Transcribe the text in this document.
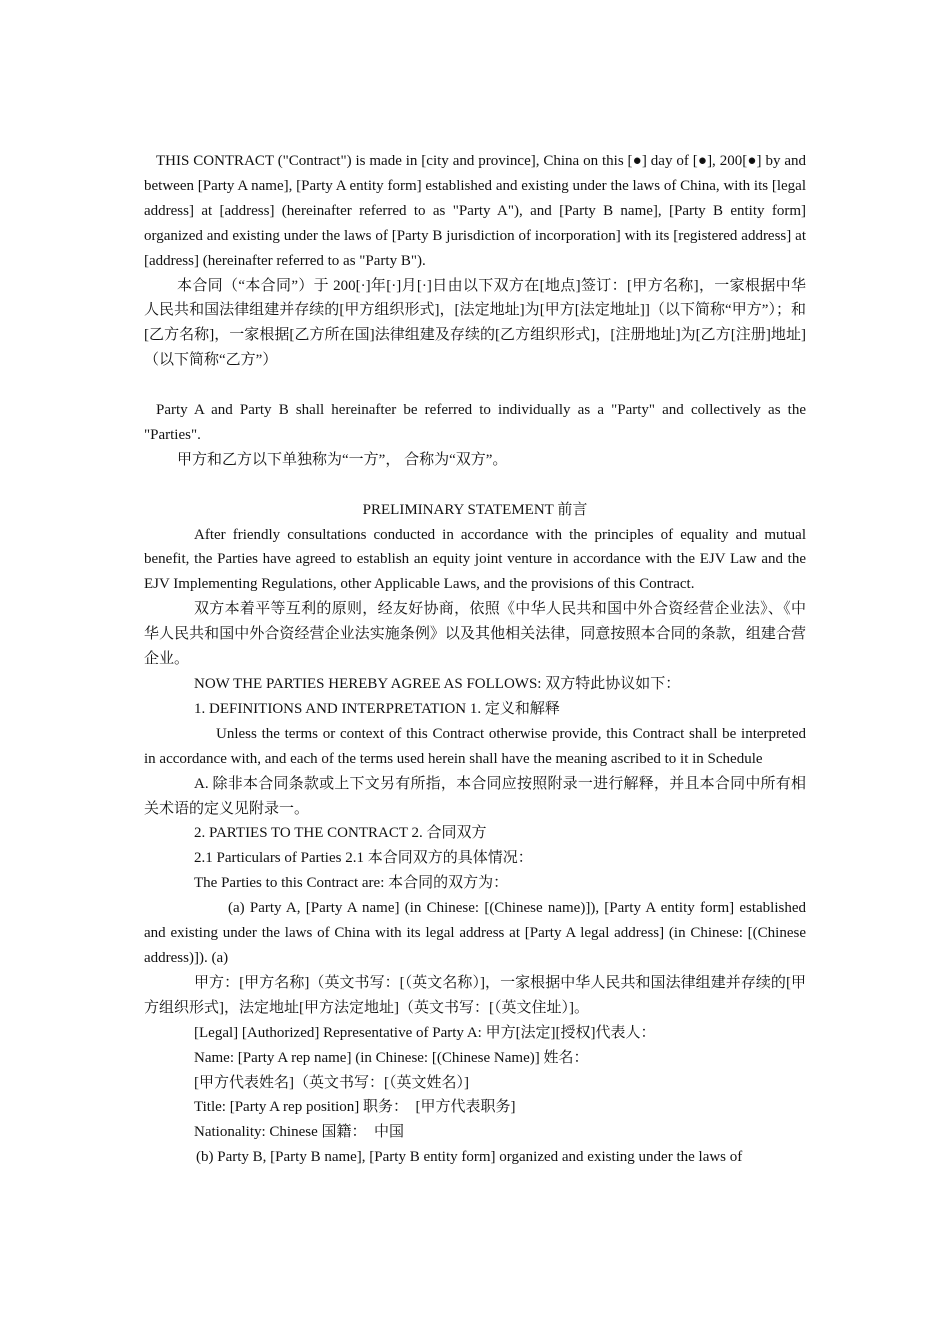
THIS CONTRACT ("Contract") is made in [city and province], China on this [●] day of [●], 200[●] by and between [Party A name], [Party A entity form] established and existing under the laws of China, with its [legal address] at [address] (hereinafter referred to as "Party A"), and [Party B name], [Party B entity form] organized and existing under the laws of [Party B jurisdiction of incorporation] with its [registered address] at [address] (hereinafter referred to as "Party B").

本合同（“本合同”）于 200[·]年[·]月[·]日由以下双方在[地点]签订：[甲方名称]，一家根据中华人民共和国法律组建并存续的[甲方组织形式]，[法定地址]为[甲方[法定地址]]（以下简称“甲方”）；和[乙方名称]，一家根据[乙方所在国]法律组建及存续的[乙方组织形式]，[注册地址]为[乙方[注册]地址]（以下简称“乙方”）

Party A and Party B shall hereinafter be referred to individually as a "Party" and collectively as the "Parties".

甲方和乙方以下单独称为“一方”， 合称为“双方”。

PRELIMINARY STATEMENT 前言

After friendly consultations conducted in accordance with the principles of equality and mutual benefit, the Parties have agreed to establish an equity joint venture in accordance with the EJV Law and the EJV Implementing Regulations, other Applicable Laws, and the provisions of this Contract.

双方本着平等互利的原则，经友好协商，依照《中华人民共和国中外合资经营企业法》、《中华人民共和国中外合资经营企业法实施条例》以及其他相关法律，同意按照本合同的条款，组建合营企业。

NOW THE PARTIES HEREBY AGREE AS FOLLOWS: 双方特此协议如下：

1. DEFINITIONS AND INTERPRETATION 1. 定义和解释

Unless the terms or context of this Contract otherwise provide, this Contract shall be interpreted in accordance with, and each of the terms used herein shall have the meaning ascribed to it in Schedule

A. 除非本合同条款或上下文另有所指，本合同应按照附录一进行解释，并且本合同中所有相关术语的定义见附录一。

2. PARTIES TO THE CONTRACT 2. 合同双方

2.1 Particulars of Parties 2.1 本合同双方的具体情况：

The Parties to this Contract are: 本合同的双方为：

(a) Party A, [Party A name] (in Chinese: [(Chinese name)]), [Party A entity form] established and existing under the laws of China with its legal address at [Party A legal address] (in Chinese: [(Chinese address)]). (a)

甲方：[甲方名称]（英文书写：[（英文名称）]，一家根据中华人民共和国法律组建并存续的[甲方组织形式]，法定地址[甲方法定地址]（英文书写：[（英文住址）]。

[Legal] [Authorized] Representative of Party A: 甲方[法定][授权]代表人：

Name: [Party A rep name] (in Chinese: [(Chinese Name)] 姓名：

[甲方代表姓名]（英文书写：[（英文姓名）]

Title: [Party A rep position] 职务：　[甲方代表职务]

Nationality: Chinese 国籍：　中国

(b) Party B, [Party B name], [Party B entity form] organized and existing under the laws of
